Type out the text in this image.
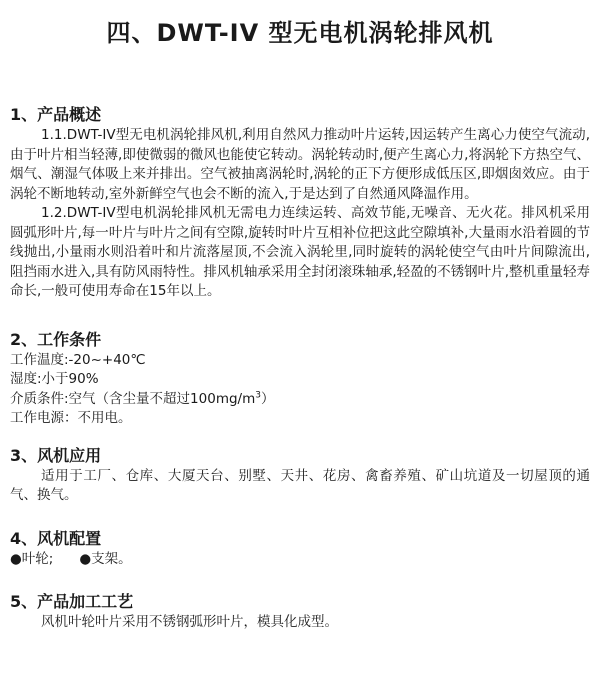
四、DWT-IV 型无电机涡轮排风机
1、产品概述

1.1.DWT-IV型无电机涡轮排风机,利用自然风力推动叶片运转,因运转产生离心力使空气流动,由于叶片相当轻薄,即使微弱的微风也能使它转动。涡轮转动时,便产生离心力,将涡轮下方热空气、烟气、潮湿气体吸上来并排出。空气被抽离涡轮时,涡轮的正下方便形成低压区,即烟囱效应。由于涡轮不断地转动,室外新鲜空气也会不断的流入,于是达到了自然通风降温作用。

1.2.DWT-IV型电机涡轮排风机无需电力连续运转、高效节能,无噪音、无火花。排风机采用圆弧形叶片,每一叶片与叶片之间有空隙,旋转时叶片互相补位把这此空隙填补,大量雨水沿着圆的节线抛出,小量雨水则沿着叶和片流落屋顶,不会流入涡轮里,同时旋转的涡轮使空气由叶片间隙流出,阻挡雨水进入,具有防风雨特性。排风机轴承采用全封闭滚珠轴承,轻盈的不锈钢叶片,整机重量轻寿命长,一般可使用寿命在15年以上。

2、工作条件
工作温度:-20~+40℃
湿度:小于90%
介质条件:空气（含尘量不超过$100mg/m^3$）
工作电源：不用电。
3、风机应用

适用于工厂、仓库、大厦天台、别墅、天井、花房、禽畜养殖、矿山坑道及一切屋顶的通气、换气。

4、风机配置
●叶轮; ●支架。
5、产品加工工艺

风机叶轮叶片采用不锈钢弧形叶片，模具化成型。
